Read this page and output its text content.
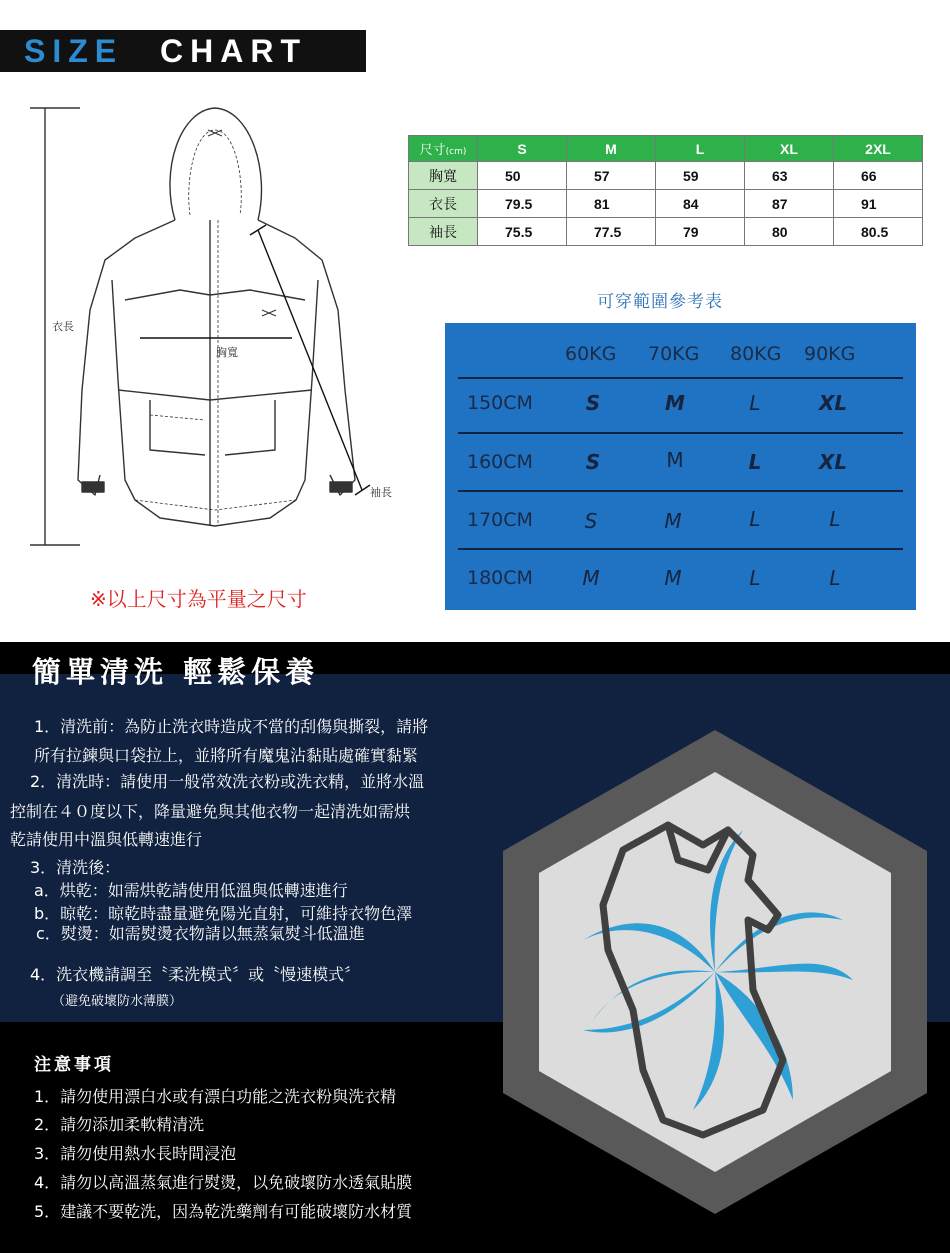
SIZE CHART
衣長
胸寬
袖長
※以上尺寸為平量之尺寸
尺寸(cm)	S	M	L	XL	2XL
胸寬	50	57	59	63	66
衣長	79.5	81	84	87	91
袖長	75.5	77.5	79	80	80.5
可穿範圍參考表
60KG 70KG 80KG 90KG
150CM	S	M	L	XL
160CM	S	M	L	XL
170CM	S	M	L	L
180CM	M	M	L	L
簡單清洗 輕鬆保養
1．清洗前：為防止洗衣時造成不當的刮傷與撕裂，請將
所有拉鍊與口袋拉上，並將所有魔鬼沾黏貼處確實黏緊
2．清洗時：請使用一般常效洗衣粉或洗衣精，並將水溫
控制在４０度以下，降量避免與其他衣物一起清洗如需烘
乾請使用中溫與低轉速進行
3．清洗後：
a．烘乾：如需烘乾請使用低溫與低轉速進行
b．晾乾：晾乾時盡量避免陽光直射，可維持衣物色澤
c．熨燙：如需熨燙衣物請以無蒸氣熨斗低溫進
4．洗衣機請調至〝柔洗模式〞或〝慢速模式〞
（避免破壞防水薄膜）
注意事項
1．請勿使用漂白水或有漂白功能之洗衣粉與洗衣精
2．請勿添加柔軟精清洗
3．請勿使用熱水長時間浸泡
4．請勿以高溫蒸氣進行熨燙，以免破壞防水透氣貼膜
5．建議不要乾洗，因為乾洗藥劑有可能破壞防水材質
